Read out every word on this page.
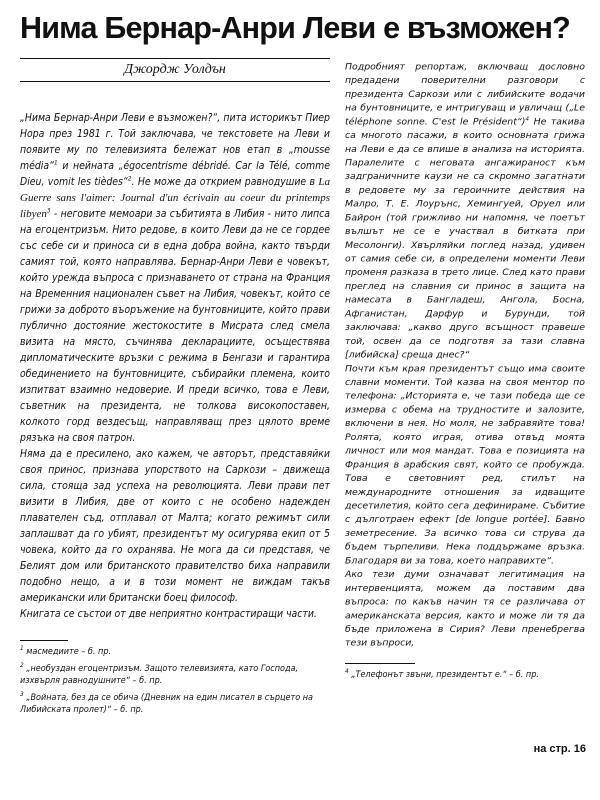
Нима Бернар-Анри Леви е възможен?
Джордж Уолдън

„Нима Бернар-Анри Леви е възможен?“, пита историкът Пиер Нора през 1981 г. Той заключава, че текстовете на Леви и появите му по телевизията бележат нов етап в „mousse média“$^1$ и нейната „égocentrisme débridé. Car la Télé, comme Dieu, vomit les tièdes“$^2$. Не може да открием равнодушие в La Guerre sans l'aimer: Journal d'un écrivain au coeur du printemps libyen$^3$ - неговите мемоари за събитията в Либия - нито липса на егоцентризъм. Нито редове, в които Леви да не се гордее със себе си и приноса си в една добра война, както твърди самият той, която направлява. Бернар-Анри Леви е човекът, който урежда въпроса с признаването от страна на Франция на Временния национален съвет на Либия, човекът, който се грижи за доброто въоръжение на бунтовниците, който прави публично достояние жестокостите в Мисрата след смела визита на място, съчинява декларациите, осъществява дипломатическите връзки с режима в Бенгази и гарантира обединението на бунтовниците, събирайки племена, които изпитват взаимно недоверие. И преди всичко, това е Леви, съветник на президента, не толкова високопоставен, колкото горд вездесъщ, направляващ през цялото време рязъка на своя патрон.

Нямa да е пресилено, ако кажем, че авторът, представяйки своя принос, признава упорството на Саркози – движеща сила, стояща зад успеха на революцията. Леви прави пет визити в Либия, две от които с не особено надежден плавателен съд, отплавал от Малта; когато режимът сили заплашват да го убият, президентът му осигурява екип от 5 човека, който да го охранява. Не мога да си представя, че Белият дом или британското правителство биха направили подобно нещо, а и в този момент не виждам такъв американски или британски боец философ.

Книгата се състои от две неприятно контрастиращи части.

$^1$ масмедиите – б. пр.

$^2$ „необуздан егоцентризъм. Защото телевизията, като Господа, изхвърля равнодушните“ – б. пр.

$^3$ „Войната, без да се обича (Дневник на един писател в сърцето на Либийската пролет)“ – б. пр.

Подробният репортаж, включващ дословно предадени поверителни разговори с президента Саркози или с либийските водачи на бунтовниците, е интригуващ и увличащ („Le téléphone sonne. C'est le Président“)$^4$ Не такива са многото пасажи, в които основната грижа на Леви е да се впише в анализа на историята. Паралелите с неговата ангажираност към задграничните каузи не са скромно загатнати в редовете му за героичните действия на Малро, Т. Е. Лоурънс, Хемингуей, Оруел или Байрон (той грижливо ни напомня, че поетът вълшът не се е участвал в битката при Месолонги). Хвърляйки поглед назад, удивен от самия себе си, в определени моменти Леви променя разказа в трето лице. След като прави преглед на славния си принос в защита на намесата в Бангладеш, Анголa, Босна, Афганистан, Дарфур и Бурунди, той заключава: „какво друго всъщност правеше той, освен да се подготвя за тази славна [либийска] среща днес?“

Почти към края президентът също има своите славни моменти. Той казва на своя ментор по телефона: „Историята е, че тази победа ще се измерва с обема на трудностите и залозите, включени в нея. Но моля, не забравяйте това! Ролята, която играя, отива отвъд моята личност или моя мандат. Това е позицията на Франция в арабския свят, който се пробужда. Това е световният ред, стилът на международните отношения за идващите десетилетия, който сега дефинираме. Събитие с дълготраен ефект [de longue portée]. Бавно земетресение. За всичко това си струва да бъдем търпеливи. Нека поддържаме връзка. Благодаря ви за това, което направихте“.

Ако тези думи означават легитимация на интервенцията, можем да поставим два въпроса: по какъв начин тя се различава от американската версия, както и може ли тя да бъде приложена в Сирия? Леви пренебрегва тези въпроси,

$^4$ „Телефонът звъни, президентът е.“ – б. пр.

на стр. 16
